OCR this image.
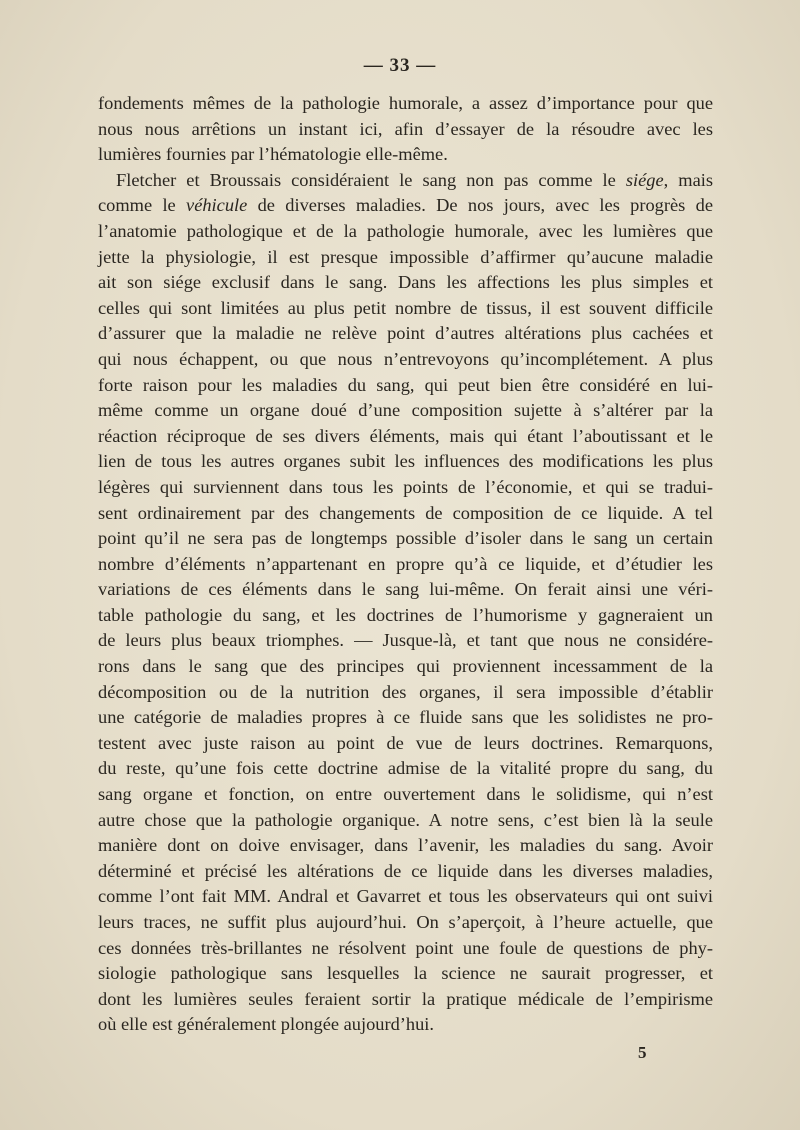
— 33 —
fondements mêmes de la pathologie humorale, a assez d’importance pour que
nous nous arrêtions un instant ici, afin d’essayer de la résoudre avec les
lumières fournies par l’hématologie elle-même.
Fletcher et Broussais considéraient le sang non pas comme le siége, mais
comme le véhicule de diverses maladies. De nos jours, avec les progrès de
l’anatomie pathologique et de la pathologie humorale, avec les lumières que
jette la physiologie, il est presque impossible d’affirmer qu’aucune maladie
ait son siége exclusif dans le sang. Dans les affections les plus simples et
celles qui sont limitées au plus petit nombre de tissus, il est souvent difficile
d’assurer que la maladie ne relève point d’autres altérations plus cachées et
qui nous échappent, ou que nous n’entrevoyons qu’incomplétement. A plus
forte raison pour les maladies du sang, qui peut bien être considéré en lui-
même comme un organe doué d’une composition sujette à s’altérer par la
réaction réciproque de ses divers éléments, mais qui étant l’aboutissant et le
lien de tous les autres organes subit les influences des modifications les plus
légères qui surviennent dans tous les points de l’économie, et qui se tradui-
sent ordinairement par des changements de composition de ce liquide. A tel
point qu’il ne sera pas de longtemps possible d’isoler dans le sang un certain
nombre d’éléments n’appartenant en propre qu’à ce liquide, et d’étudier les
variations de ces éléments dans le sang lui-même. On ferait ainsi une véri-
table pathologie du sang, et les doctrines de l’humorisme y gagneraient un
de leurs plus beaux triomphes. — Jusque-là, et tant que nous ne considére-
rons dans le sang que des principes qui proviennent incessamment de la
décomposition ou de la nutrition des organes, il sera impossible d’établir
une catégorie de maladies propres à ce fluide sans que les solidistes ne pro-
testent avec juste raison au point de vue de leurs doctrines. Remarquons,
du reste, qu’une fois cette doctrine admise de la vitalité propre du sang, du
sang organe et fonction, on entre ouvertement dans le solidisme, qui n’est
autre chose que la pathologie organique. A notre sens, c’est bien là la seule
manière dont on doive envisager, dans l’avenir, les maladies du sang. Avoir
déterminé et précisé les altérations de ce liquide dans les diverses maladies,
comme l’ont fait MM. Andral et Gavarret et tous les observateurs qui ont suivi
leurs traces, ne suffit plus aujourd’hui. On s’aperçoit, à l’heure actuelle, que
ces données très-brillantes ne résolvent point une foule de questions de phy-
siologie pathologique sans lesquelles la science ne saurait progresser, et
dont les lumières seules feraient sortir la pratique médicale de l’empirisme
où elle est généralement plongée aujourd’hui.
5
